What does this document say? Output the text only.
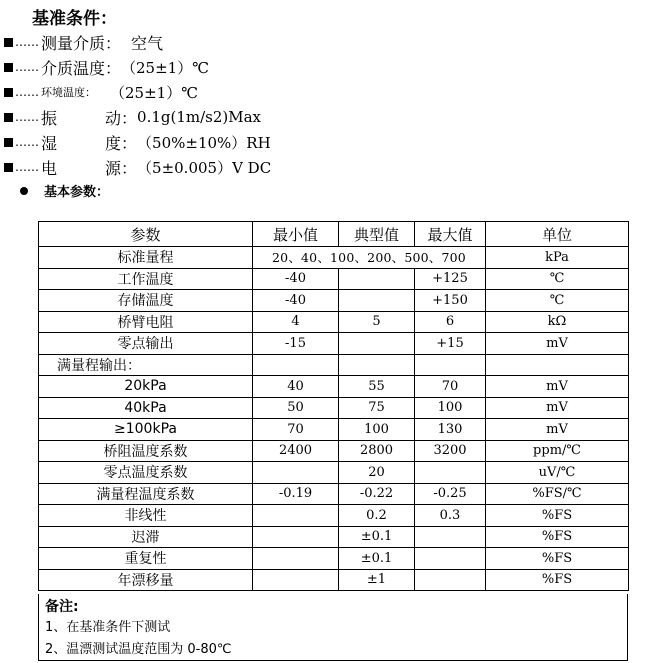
基准条件：
…… 测量介质： 空气
…… 介质温度： （25±1）℃
…… 环境温度： （25±1）℃
…… 振	动： 0.1g(1m/s2)Max
…… 湿	度： （50%±10%）RH
…… 电	源： （5±0.005）V DC
基本参数：
参数	最小值	典型值	最大值	单位
标准量程	20、40、100、200、500、700			kPa
工作温度	-40		+125	℃
存储温度	-40		+150	℃
桥臂电阻	4	5	6	kΩ
零点输出	-15		+15	mV
满量程输出：				
20kPa	40	55	70	mV
40kPa	50	75	100	mV
≥100kPa	70	100	130	mV
桥阻温度系数	2400	2800	3200	ppm/℃
零点温度系数		20		uV/℃
满量程温度系数	-0.19	-0.22	-0.25	%FS/℃
非线性		0.2	0.3	%FS
迟滞		±0.1		%FS
重复性		±0.1		%FS
年漂移量		±1		%FS
备注:
1、在基准条件下测试
2、温漂测试温度范围为 0-80℃
